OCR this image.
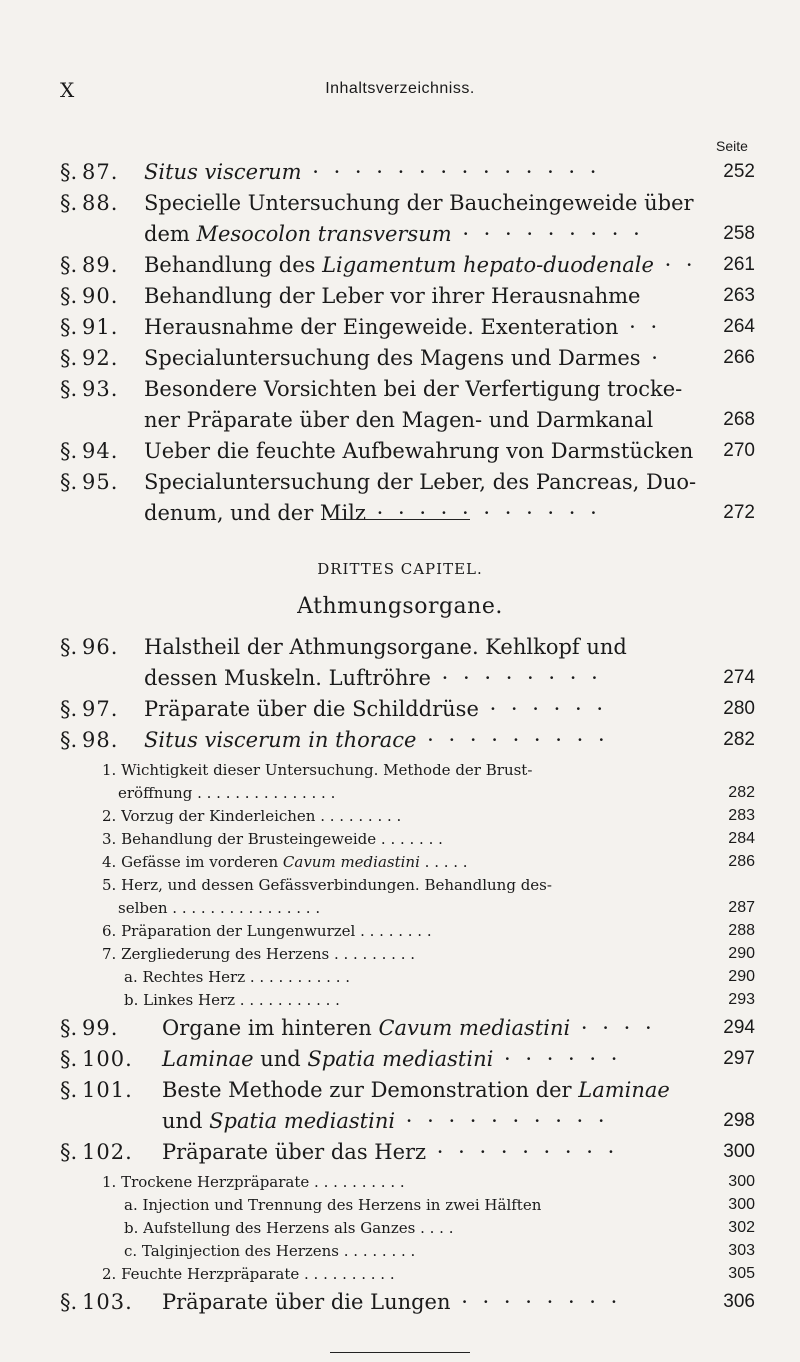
X	Inhaltsverzeichniss.
Seite
§. 87. Situs viscerum · · · · · · · · · · · · · ·	252
§. 88. Specielle Untersuchung der Baucheingeweide über
dem Mesocolon transversum · · · · · · · · ·	258
§. 89. Behandlung des Ligamentum hepato-duodenale · ·	261
§. 90. Behandlung der Leber vor ihrer Herausnahme	263
§. 91. Herausnahme der Eingeweide. Exenteration · ·	264
§. 92. Specialuntersuchung des Magens und Darmes ·	266
§. 93. Besondere Vorsichten bei der Verfertigung trocke-
ner Präparate über den Magen- und Darmkanal	268
§. 94. Ueber die feuchte Aufbewahrung von Darmstücken	270
§. 95. Specialuntersuchung der Leber, des Pancreas, Duo-
denum, und der Milz · · · · · · · · · · ·	272
DRITTES CAPITEL.
Athmungsorgane.
§. 96. Halstheil der Athmungsorgane. Kehlkopf und
dessen Muskeln. Luftröhre · · · · · · · ·	274
§. 97. Präparate über die Schilddrüse · · · · · ·	280
§. 98. Situs viscerum in thorace · · · · · · · · ·	282
1. Wichtigkeit dieser Untersuchung. Methode der Brust-
eröffnung . . . . . . . . . . . . . . .	282
2. Vorzug der Kinderleichen . . . . . . . . .	283
3. Behandlung der Brusteingeweide . . . . . . .	284
4. Gefässe im vorderen Cavum mediastini . . . . .	286
5. Herz, und dessen Gefässverbindungen. Behandlung des-
selben . . . . . . . . . . . . . . . .	287
6. Präparation der Lungenwurzel . . . . . . . .	288
7. Zergliederung des Herzens . . . . . . . . .	290
a. Rechtes Herz . . . . . . . . . . .	290
b. Linkes Herz . . . . . . . . . . .	293
§. 99. Organe im hinteren Cavum mediastini · · · ·	294
§. 100. Laminae und Spatia mediastini · · · · · ·	297
§. 101. Beste Methode zur Demonstration der Laminae
und Spatia mediastini · · · · · · · · · ·	298
§. 102. Präparate über das Herz · · · · · · · · ·	300
1. Trockene Herzpräparate . . . . . . . . . .	300
a. Injection und Trennung des Herzens in zwei Hälften	300
b. Aufstellung des Herzens als Ganzes . . . .	302
c. Talginjection des Herzens . . . . . . . .	303
2. Feuchte Herzpräparate . . . . . . . . . .	305
§. 103. Präparate über die Lungen · · · · · · · ·	306
